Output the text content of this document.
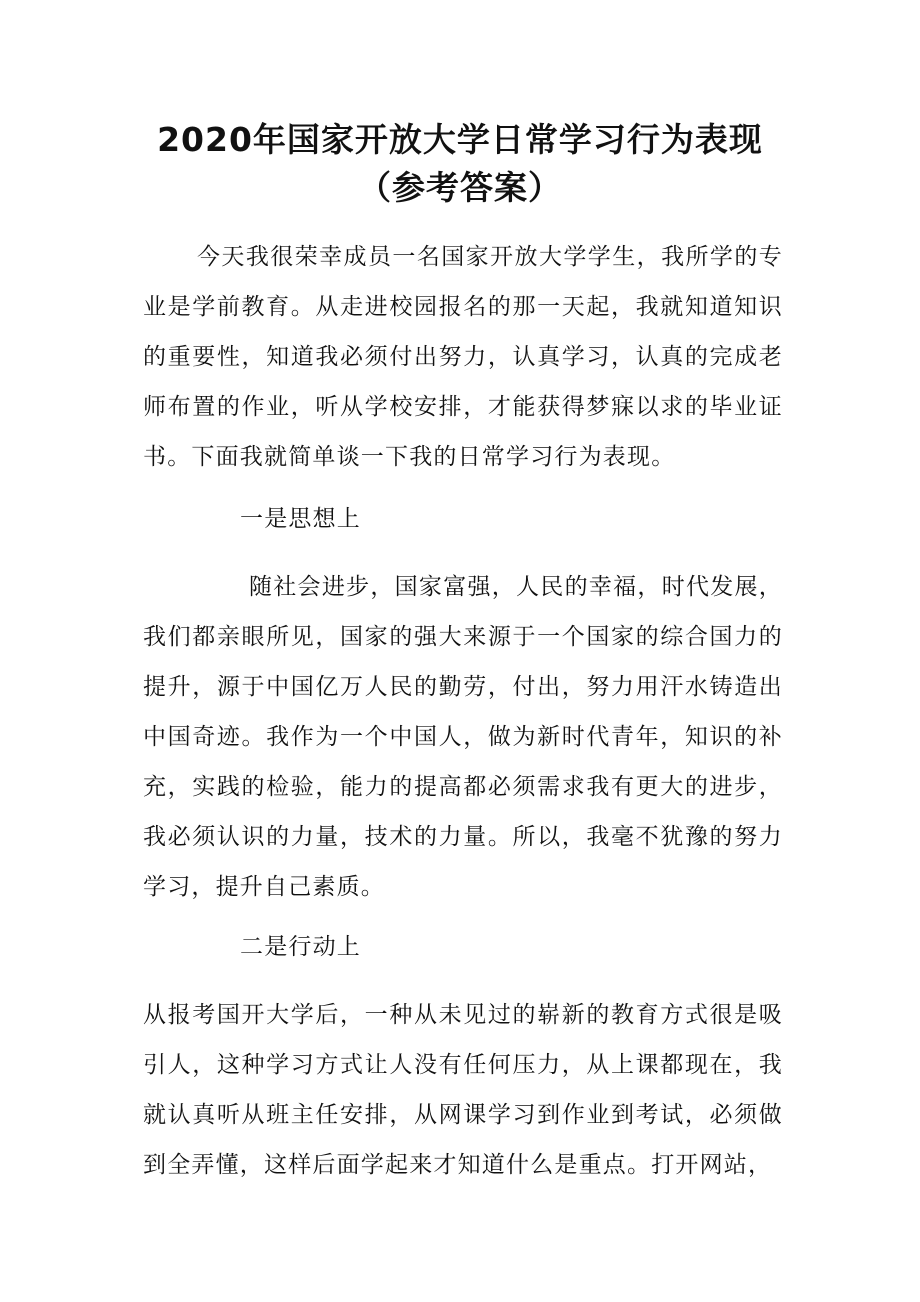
2020年国家开放大学日常学习行为表现
（参考答案）

今天我很荣幸成员一名国家开放大学学生，我所学的专业是学前教育。从走进校园报名的那一天起，我就知道知识的重要性，知道我必须付出努力，认真学习，认真的完成老师布置的作业，听从学校安排，才能获得梦寐以求的毕业证书。下面我就简单谈一下我的日常学习行为表现。

一是思想上

随社会进步，国家富强，人民的幸福，时代发展，我们都亲眼所见，国家的强大来源于一个国家的综合国力的提升，源于中国亿万人民的勤劳，付出，努力用汗水铸造出中国奇迹。我作为一个中国人，做为新时代青年，知识的补充，实践的检验，能力的提高都必须需求我有更大的进步，我必须认识的力量，技术的力量。所以，我毫不犹豫的努力学习，提升自己素质。

二是行动上

从报考国开大学后，一种从未见过的崭新的教育方式很是吸引人，这种学习方式让人没有任何压力，从上课都现在，我就认真听从班主任安排，从网课学习到作业到考试，必须做到全弄懂，这样后面学起来才知道什么是重点。打开网站，
